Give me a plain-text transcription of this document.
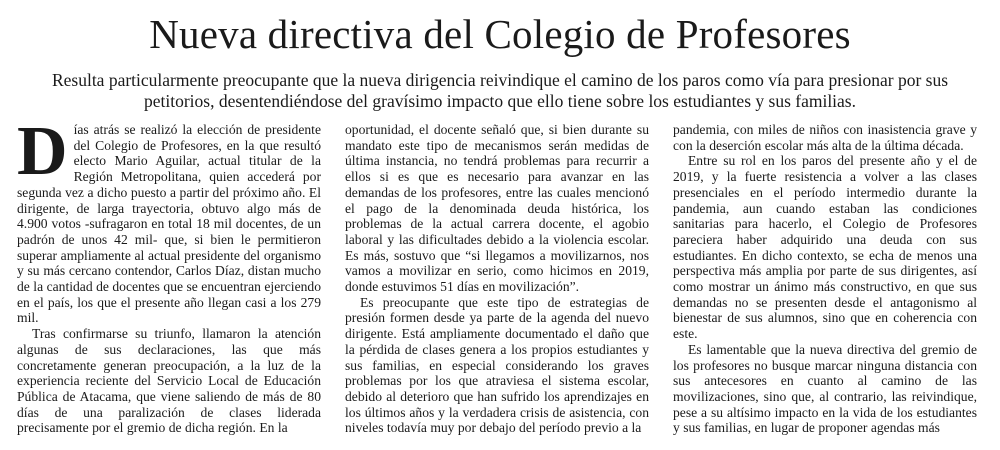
Nueva directiva del Colegio de Profesores

Resulta particularmente preocupante que la nueva dirigencia reivindique el camino de los paros como vía para presionar por sus petitorios, desentendiéndose del gravísimo impacto que ello tiene sobre los estudiantes y sus familias.

Días atrás se realizó la elección de presidente del Colegio de Profesores, en la que resultó electo Mario Aguilar, actual titular de la Región Metropolitana, quien accederá por segunda vez a dicho puesto a partir del próximo año. El dirigente, de larga trayectoria, obtuvo algo más de 4.900 votos -sufragaron en total 18 mil docentes, de un padrón de unos 42 mil- que, si bien le permitieron superar ampliamente al actual presidente del organismo y su más cercano contendor, Carlos Díaz, distan mucho de la cantidad de docentes que se encuentran ejerciendo en el país, los que el presente año llegan casi a los 279 mil.

Tras confirmarse su triunfo, llamaron la atención algunas de sus declaraciones, las que más concretamente generan preocupación, a la luz de la experiencia reciente del Servicio Local de Educación Pública de Atacama, que viene saliendo de más de 80 días de una paralización de clases liderada precisamente por el gremio de dicha región. En la

oportunidad, el docente señaló que, si bien durante su mandato este tipo de mecanismos serán medidas de última instancia, no tendrá problemas para recurrir a ellos si es que es necesario para avanzar en las demandas de los profesores, entre las cuales mencionó el pago de la denominada deuda histórica, los problemas de la actual carrera docente, el agobio laboral y las dificultades debido a la violencia escolar. Es más, sostuvo que “si llegamos a movilizarnos, nos vamos a movilizar en serio, como hicimos en 2019, donde estuvimos 51 días en movilización”.

Es preocupante que este tipo de estrategias de presión formen desde ya parte de la agenda del nuevo dirigente. Está ampliamente documentado el daño que la pérdida de clases genera a los propios estudiantes y sus familias, en especial considerando los graves problemas por los que atraviesa el sistema escolar, debido al deterioro que han sufrido los aprendizajes en los últimos años y la verdadera crisis de asistencia, con niveles todavía muy por debajo del período previo a la

pandemia, con miles de niños con inasistencia grave y con la deserción escolar más alta de la última década.

Entre su rol en los paros del presente año y el de 2019, y la fuerte resistencia a volver a las clases presenciales en el período intermedio durante la pandemia, aun cuando estaban las condiciones sanitarias para hacerlo, el Colegio de Profesores pareciera haber adquirido una deuda con sus estudiantes. En dicho contexto, se echa de menos una perspectiva más amplia por parte de sus dirigentes, así como mostrar un ánimo más constructivo, en que sus demandas no se presenten desde el antagonismo al bienestar de sus alumnos, sino que en coherencia con este.

Es lamentable que la nueva directiva del gremio de los profesores no busque marcar ninguna distancia con sus antecesores en cuanto al camino de las movilizaciones, sino que, al contrario, las reivindique, pese a su altísimo impacto en la vida de los estudiantes y sus familias, en lugar de proponer agendas más
